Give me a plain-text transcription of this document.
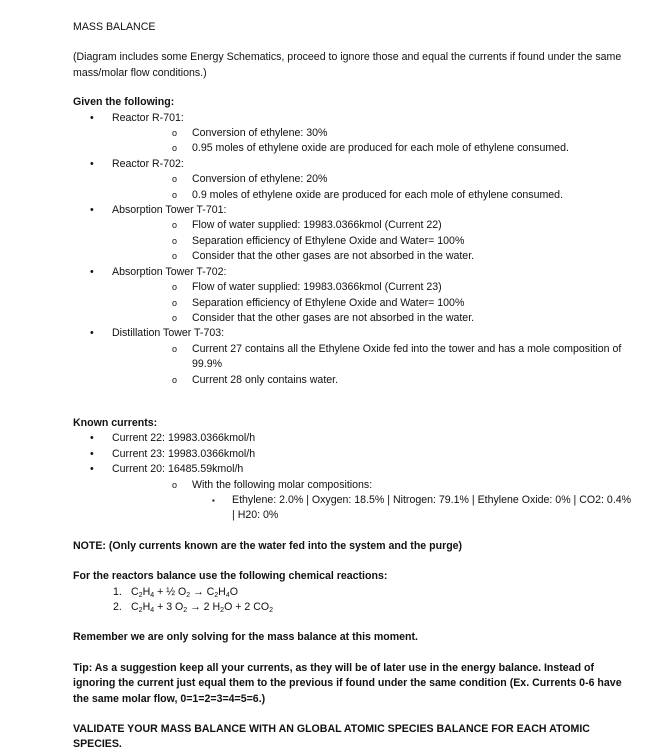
MASS BALANCE

(Diagram includes some Energy Schematics, proceed to ignore those and equal the currents if found under the same mass/molar flow conditions.)

Given the following:

• Reactor R-701:
o Conversion of ethylene: 30%
o 0.95 moles of ethylene oxide are produced for each mole of ethylene consumed.
• Reactor R-702:
o Conversion of ethylene: 20%
o 0.9 moles of ethylene oxide are produced for each mole of ethylene consumed.
• Absorption Tower T-701:
o Flow of water supplied: 19983.0366kmol (Current 22)
o Separation efficiency of Ethylene Oxide and Water= 100%
o Consider that the other gases are not absorbed in the water.
• Absorption Tower T-702:
o Flow of water supplied: 19983.0366kmol (Current 23)
o Separation efficiency of Ethylene Oxide and Water= 100%
o Consider that the other gases are not absorbed in the water.
• Distillation Tower T-703:
o Current 27 contains all the Ethylene Oxide fed into the tower and has a mole composition of 99.9%
o Current 28 only contains water.

Known currents:

• Current 22: 19983.0366kmol/h
• Current 23: 19983.0366kmol/h
• Current 20: 16485.59kmol/h
o With the following molar compositions:
▪	Ethylene: 2.0% | Oxygen: 18.5% | Nitrogen: 79.1% | Ethylene Oxide: 0% | CO2: 0.4% | H20: 0%

NOTE: (Only currents known are the water fed into the system and the purge)

For the reactors balance use the following chemical reactions:

1. $C_2H_4$ + ½ $O_2 \to C_2H_4O$
2. $C_2H_4 + 3$ $O_2 \to 2$ $H_2O + 2$ $CO_2$

Remember we are only solving for the mass balance at this moment.

Tip: As a suggestion keep all your currents, as they will be of later use in the energy balance. Instead of ignoring the current just equal them to the previous if found under the same condition (Ex. Currents 0-6 have the same molar flow, 0=1=2=3=4=5=6.)

VALIDATE YOUR MASS BALANCE WITH AN GLOBAL ATOMIC SPECIES BALANCE FOR EACH ATOMIC SPECIES.
